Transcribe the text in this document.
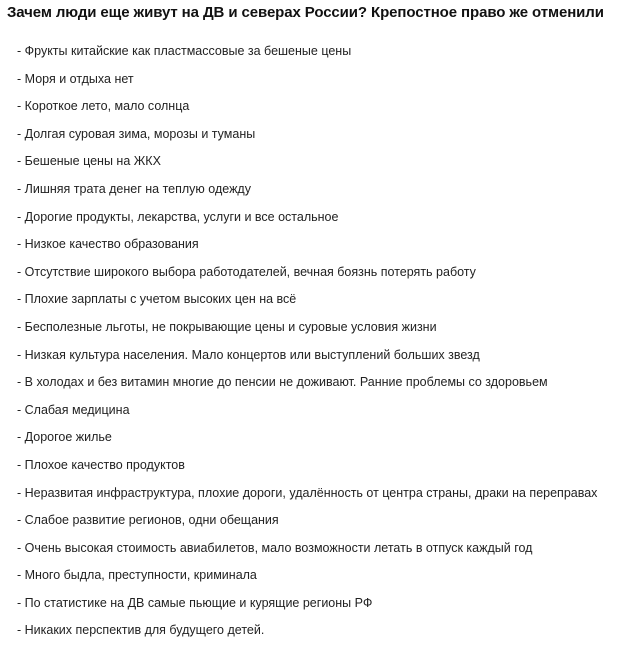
Зачем люди еще живут на ДВ и северах России? Крепостное право же отменили
- Фрукты китайские как пластмассовые за бешеные цены
- Моря и отдыха нет
- Короткое лето, мало солнца
- Долгая суровая зима, морозы и туманы
- Бешеные цены на ЖКХ
- Лишняя трата денег на теплую одежду
- Дорогие продукты, лекарства, услуги и все остальное
- Низкое качество образования
- Отсутствие широкого выбора работодателей, вечная боязнь потерять работу
- Плохие зарплаты с учетом высоких цен на всё
- Бесполезные льготы, не покрывающие цены и суровые условия жизни
- Низкая культура населения. Мало концертов или выступлений больших звезд
- В холодах и без витамин многие до пенсии не доживают. Ранние проблемы со здоровьем
- Слабая медицина
- Дорогое жилье
- Плохое качество продуктов
- Неразвитая инфраструктура, плохие дороги, удалённость от центра страны, драки на переправах
- Слабое развитие регионов, одни обещания
- Очень высокая стоимость авиабилетов, мало возможности летать в отпуск каждый год
- Много быдла, преступности, криминала
- По статистике на ДВ самые пьющие и курящие регионы РФ
- Никаких перспектив для будущего детей.
